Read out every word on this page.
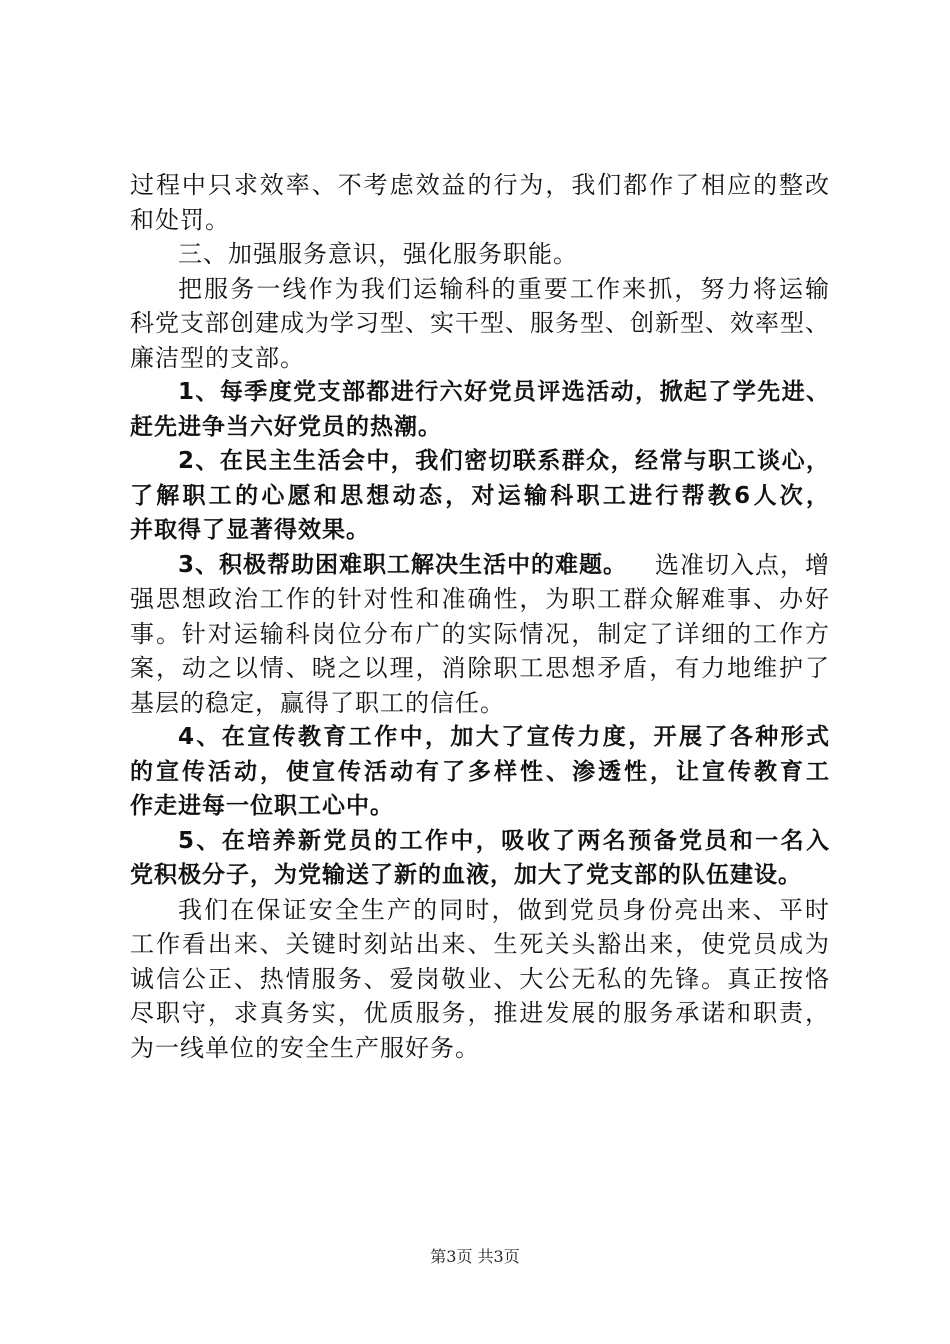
过程中只求效率、不考虑效益的行为，我们都作了相应的整改
和处罚。
三、加强服务意识，强化服务职能。
把服务一线作为我们运输科的重要工作来抓，努力将运输
科党支部创建成为学习型、实干型、服务型、创新型、效率型、
廉洁型的支部。
1、每季度党支部都进行六好党员评选活动，掀起了学先进、
赶先进争当六好党员的热潮。
2、在民主生活会中，我们密切联系群众，经常与职工谈心，
了解职工的心愿和思想动态，对运输科职工进行帮教6人次，
并取得了显著得效果。
3、积极帮助困难职工解决生活中的难题。 选准切入点，增
强思想政治工作的针对性和准确性，为职工群众解难事、办好
事。针对运输科岗位分布广的实际情况，制定了详细的工作方
案，动之以情、晓之以理，消除职工思想矛盾，有力地维护了
基层的稳定，赢得了职工的信任。
4、在宣传教育工作中，加大了宣传力度，开展了各种形式
的宣传活动，使宣传活动有了多样性、渗透性，让宣传教育工
作走进每一位职工心中。
5、在培养新党员的工作中，吸收了两名预备党员和一名入
党积极分子，为党输送了新的血液，加大了党支部的队伍建设。
我们在保证安全生产的同时，做到党员身份亮出来、平时
工作看出来、关键时刻站出来、生死关头豁出来，使党员成为
诚信公正、热情服务、爱岗敬业、大公无私的先锋。真正按恪
尽职守，求真务实，优质服务，推进发展的服务承诺和职责，
为一线单位的安全生产服好务。
第3页 共3页
